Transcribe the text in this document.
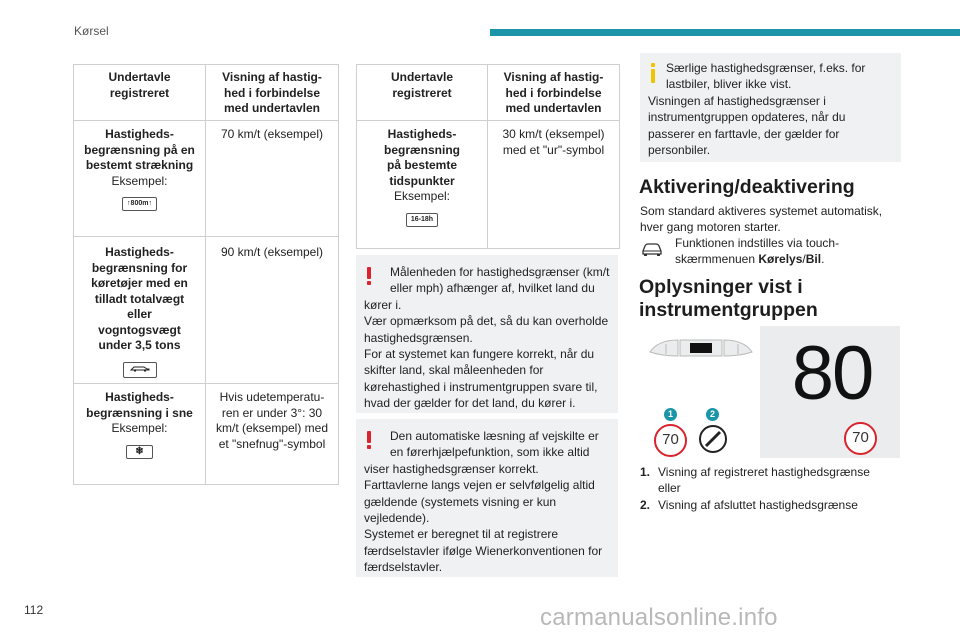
Kørsel
Undertavle registreret	Visning af hastig-hed i forbindelse med undertavlen

Hastigheds-begrænsning på en bestemt strækning
Eksempel:
↑800m↑	70 km/t (eksempel)

Hastigheds-begrænsning for køretøjer med en tilladt totalvægt eller vogntogsvægt under 3,5 tons	90 km/t (eksempel)

Hastigheds-begrænsning i sne
Eksempel:
❄	Hvis udetemperatu-ren er under 3°: 30 km/t (eksempel) med et "snefnug"-symbol
Undertavle registreret	Visning af hastig-hed i forbindelse med undertavlen

Hastigheds-begrænsning på bestemte tidspunkter
Eksempel:
16-18h	30 km/t (eksempel) med et "ur"-symbol
Målenheden for hastighedsgrænser (km/t eller mph) afhænger af, hvilket land du
kører i.
Vær opmærksom på det, så du kan overholde hastighedsgrænsen.
For at systemet kan fungere korrekt, når du skifter land, skal måleenheden for kørehastighed i instrumentgruppen svare til, hvad der gælder for det land, du kører i.
Den automatiske læsning af vejskilte er en førerhjælpefunktion, som ikke altid
viser hastighedsgrænser korrekt.
Farttavlerne langs vejen er selvfølgelig altid gældende (systemets visning er kun vejledende).
Systemet er beregnet til at registrere færdselstavler ifølge Wienerkonventionen for færdselstavler.
Særlige hastighedsgrænser, f.eks. for lastbiler, bliver ikke vist.
Visningen af hastighedsgrænser i instrumentgruppen opdateres, når du passerer en farttavle, der gælder for personbiler.
Aktivering/deaktivering
Som standard aktiveres systemet automatisk, hver gang motoren starter.
Funktionen indstilles via touch-skærmmenuen Kørelys/Bil.
Oplysninger vist i instrumentgruppen
80
1	2
70	70
1. Visning af registreret hastighedsgrænse eller
2. Visning af afsluttet hastighedsgrænse
112	carmanualsonline.info
